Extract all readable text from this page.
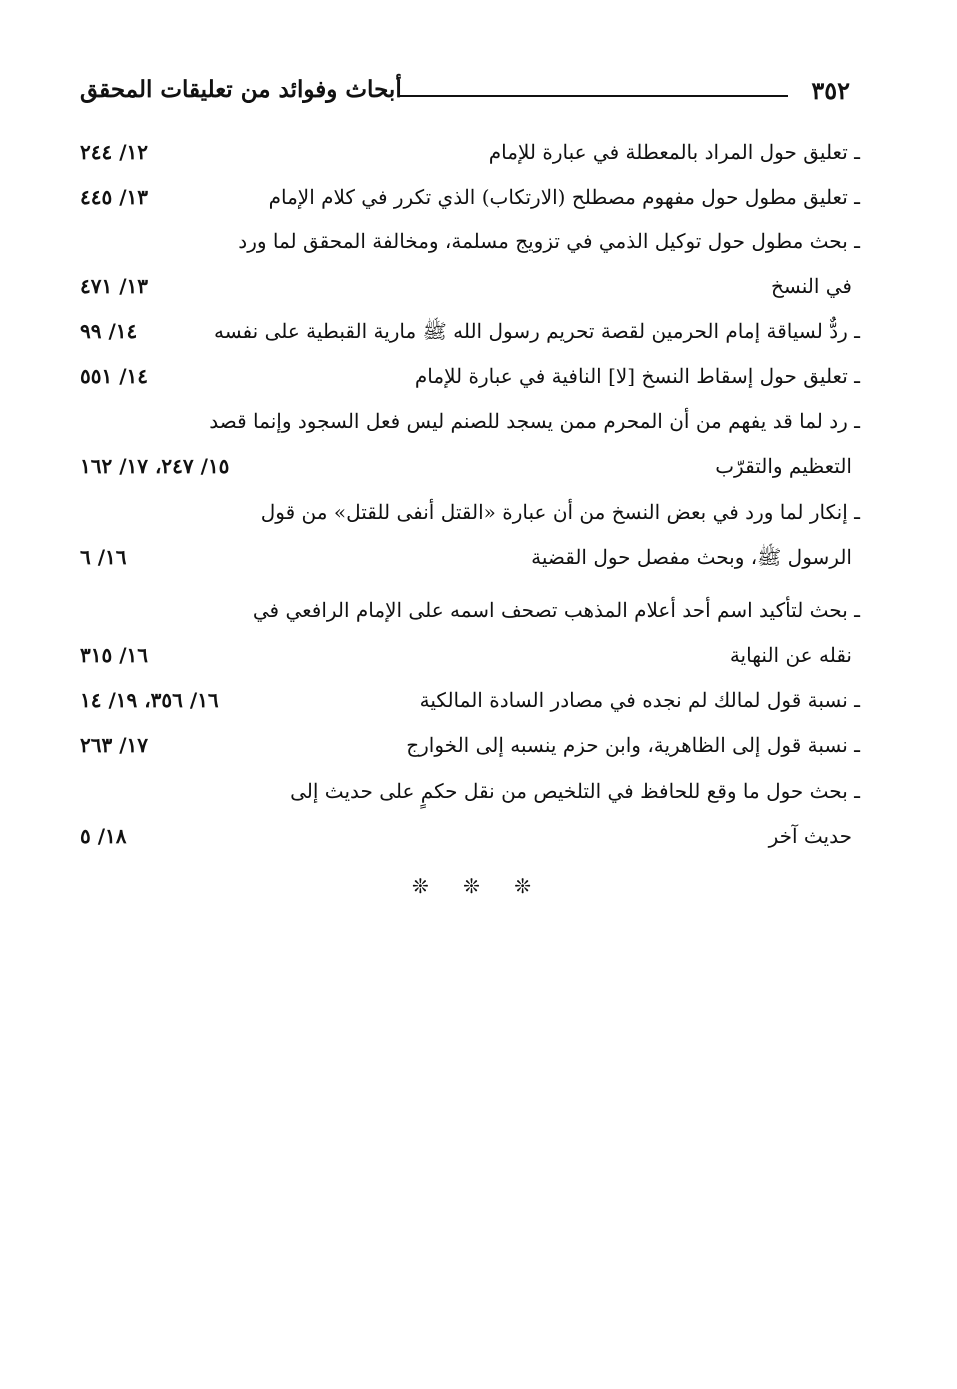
٣٥٢
أبحاث وفوائد من تعليقات المحقق
ـ تعليق حول المراد بالمعطلة في عبارة للإمام
١٢/ ٢٤٤
ـ تعليق مطول حول مفهوم مصطلح (الارتكاب) الذي تكرر في كلام الإمام
١٣/ ٤٤٥
ـ بحث مطول حول توكيل الذمي في تزويج مسلمة، ومخالفة المحقق لما ورد
في النسخ
١٣/ ٤٧١
ـ ردٌّ لسياقة إمام الحرمين لقصة تحريم رسول الله ﷺ مارية القبطية على نفسه
١٤/ ٩٩
ـ تعليق حول إسقاط النسخ [لا] النافية في عبارة للإمام
١٤/ ٥٥١
ـ رد لما قد يفهم من أن المحرم ممن يسجد للصنم ليس فعل السجود وإنما قصد
التعظيم والتقرّب
١٥/ ٢٤٧، ١٧/ ١٦٢
ـ إنكار لما ورد في بعض النسخ من أن عبارة «القتل أنفى للقتل» من قول
الرسول ﷺ، وبحث مفصل حول القضية
١٦/ ٦
ـ بحث لتأكيد اسم أحد أعلام المذهب تصحف اسمه على الإمام الرافعي في
نقله عن النهاية
١٦/ ٣١٥
ـ نسبة قول لمالك لم نجده في مصادر السادة المالكية
١٦/ ٣٥٦، ١٩/ ١٤
ـ نسبة قول إلى الظاهرية، وابن حزم ينسبه إلى الخوارج
١٧/ ٢٦٣
ـ بحث حول ما وقع للحافظ في التلخيص من نقل حكمٍ على حديث إلى
حديث آخر
١٨/ ٥
❊ ❊ ❊
